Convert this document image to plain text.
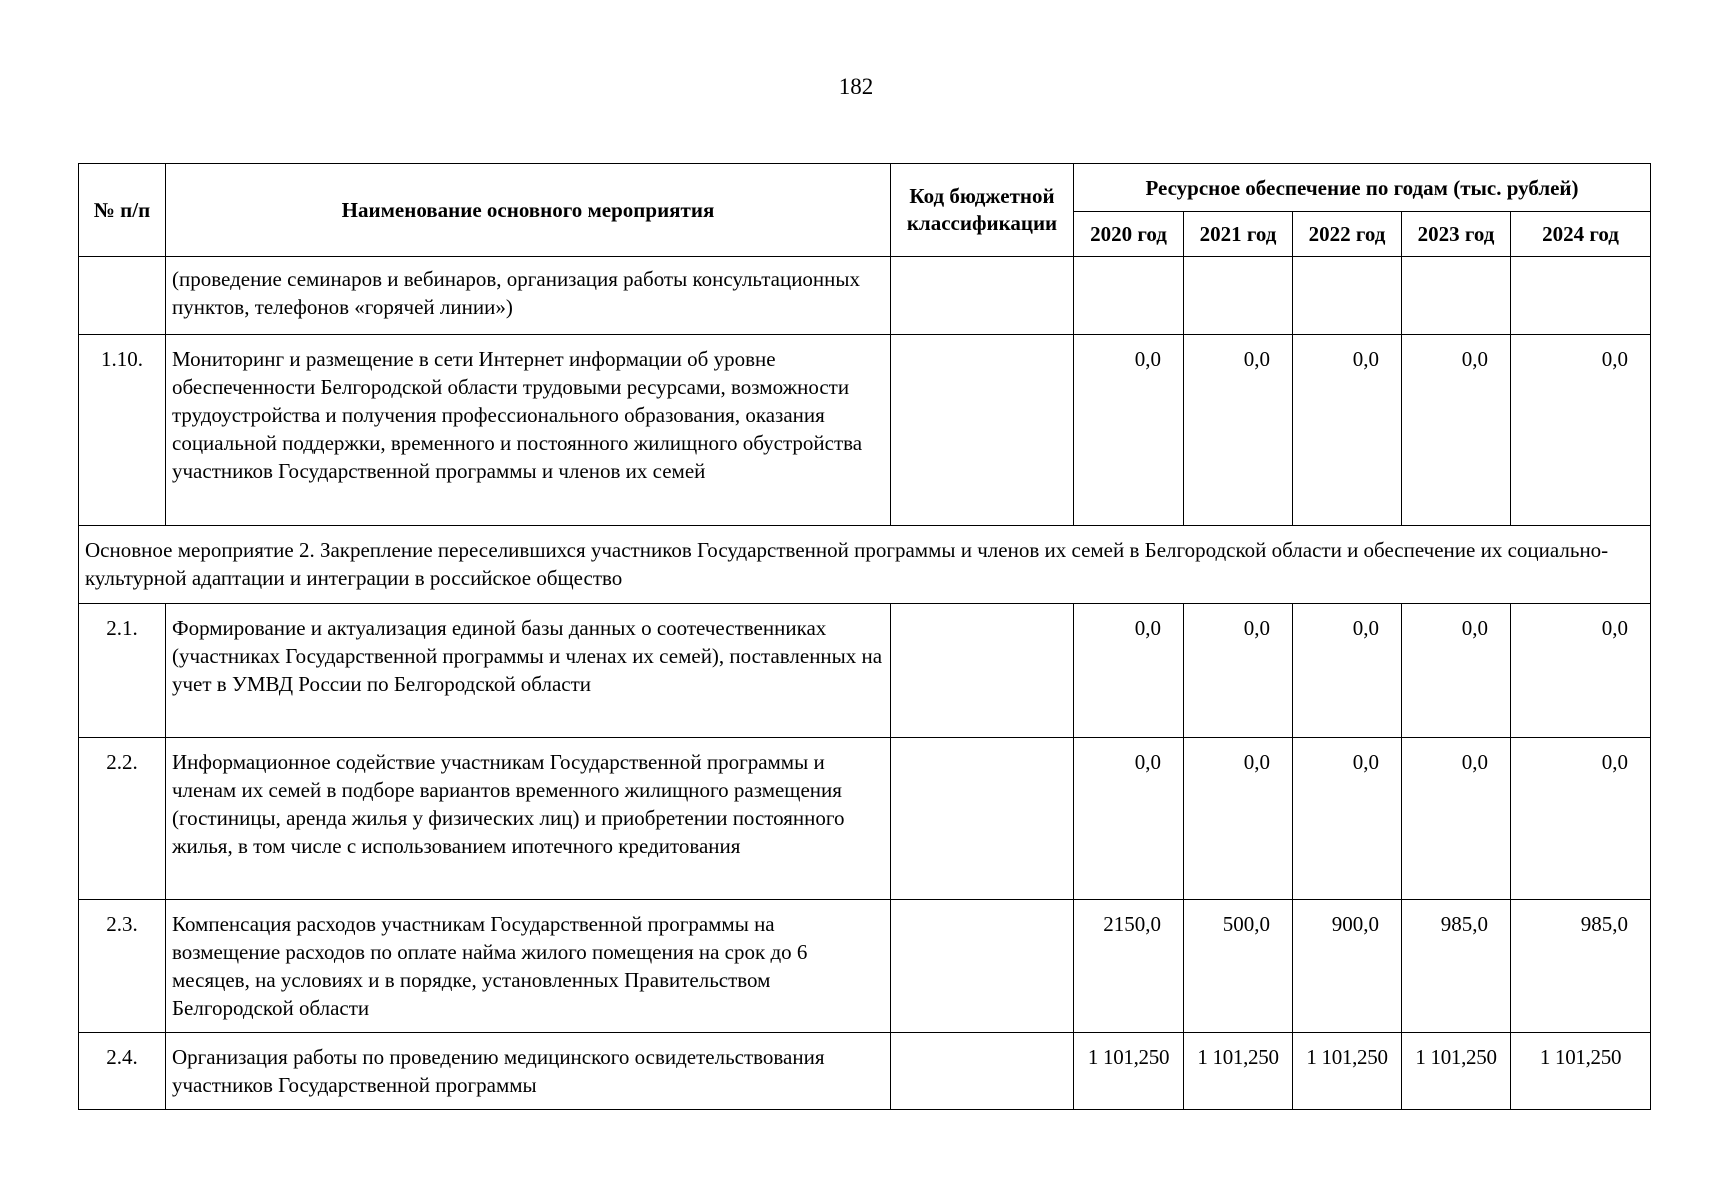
182
№ п/п	Наименование основного мероприятия	Код бюджетной классификации	Ресурсное обеспечение по годам (тыс. рублей)				
			2020 год	2021 год	2022 год	2023 год	2024 год
	(проведение семинаров и вебинаров, организация работы консультационных пунктов, телефонов «горячей линии»)						
1.10.	Мониторинг и размещение в сети Интернет информации об уровне обеспеченности Белгородской области трудовыми ресурсами, возможности трудоустройства и получения профессионального образования, оказания социальной поддержки, временного и постоянного жилищного обустройства участников Государственной программы и членов их семей		0,0	0,0	0,0	0,0	0,0
Основное мероприятие 2. Закрепление переселившихся участников Государственной программы и членов их семей в Белгородской области и обеспечение их социально-культурной адаптации и интеграции в российское общество							
2.1.	Формирование и актуализация единой базы данных о соотечественниках (участниках Государственной программы и членах их семей), поставленных на учет в УМВД России по Белгородской области		0,0	0,0	0,0	0,0	0,0
2.2.	Информационное содействие участникам Государственной программы и членам их семей в подборе вариантов временного жилищного размещения (гостиницы, аренда жилья у физических лиц) и приобретении постоянного жилья, в том числе с использованием ипотечного кредитования		0,0	0,0	0,0	0,0	0,0
2.3.	Компенсация расходов участникам Государственной программы на возмещение расходов по оплате найма жилого помещения на срок до 6 месяцев, на условиях и в порядке, установленных Правительством Белгородской области		2150,0	500,0	900,0	985,0	985,0
2.4.	Организация работы по проведению медицинского освидетельствования участников Государственной программы		1 101,250	1 101,250	1 101,250	1 101,250	1 101,250
